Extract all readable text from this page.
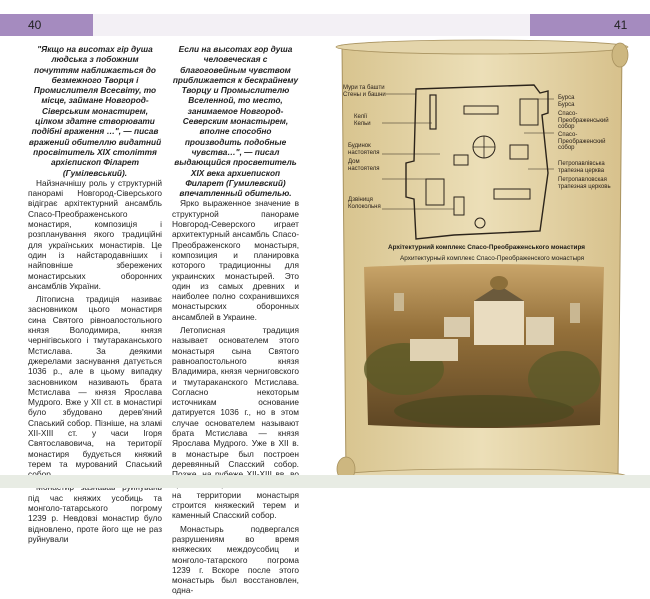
40	41
"Якщо на висотах гір душа людська з побожним почуттям наближається до безмежного Творця і Промислителя Всесвіту, то місце, займане Новгород-Сіверським монастирем, цілком здатне створювати подібні враження …", — писав вражений обителлю видатний просвітитель XIX століття архієпископ Філарет (Гумілевський).

Найзначнішу роль у структурній панорамі Новгород-Сіверського відіграє архітектурний ансамбль Спасо-Преображенського монастиря, композиція і розпланування якого традиційні для українських монастирів. Це один із найстародавніших і найповніше збережених монастирських оборонних ансамблів України.

Літописна традиція називає засновником цього монастиря сина Святого рівноапостольного князя Володимира, князя чернігівського і тмутараканського Мстислава. За деякими джерелами заснування датується 1036 р., але в цьому випадку засновником називають брата Мстислава — князя Ярослава Мудрого. Вже у XII ст. в монастирі було збудовано дерев'яний Спаський собор. Пізніше, на зламі XII-XIII ст. у часи Ігоря Святославовича, на території монастиря будується княжий терем та мурований Спаський

під час княжих усобиць та монголо-татарського погрому 1239 р. Невдовзі монастир було відновлено, проте його ще не раз руйнували

Если на высотах гор душа человеческая с благоговейным чувством приближается к бескрайнему Творцу и Промыслителю Вселенной, то место, занимаемое Новгород-Северским монастырем, вполне способно производить подобные чувства…", — писал выдающийся просветитель XIX века архиепископ Филарет (Гумилевский) впечатленный обителью.

Ярко выраженное значение в структурной панораме Новгород-Северского играет архитектурный ансамбль Спасо-Преображенского монастыря, композиция и планировка которого традиционны для украинских монастырей. Это один из самых древних и наиболее полно сохранившихся монастырских оборонных ансамблей в Украине.

Летописная традиция называет основателем этого монастыря сына Святого равноапостольного князя Владимира, князя черниговского и тмутараканского Мстислава. Согласно некоторым источникам основание датируется 1036 г., но в этом случае основателем называют брата Мстислава — князя Ярослава Мудрого. Уже в XII в. в монастыре был построен деревянный Спасский собор. на территории монастыря строится княжеский терем и каменный Спасский собор.

Монастырь подвергался разрушениям во время княжеских междоусобиц и монголо-татарского погрома 1239 г. Вскоре после этого монастырь был восстановлен, одна-

Мури та башти
Стены и башни
Келії
Кельи
Будинок
настоятеля
Дом
настоятеля
Дзвіниця
Колокольня
Бурса
Бурса
Спасо-
Преображенський
собор
Спасо-
Преображенский
собор
Петропавлівська
трапезна церква
Петропавловская
трапезная церковь
Архітектурний комплекс Спасо-Преображенського монастиря
Архитектурный комплекс Спасо-Преображенского монастыря
